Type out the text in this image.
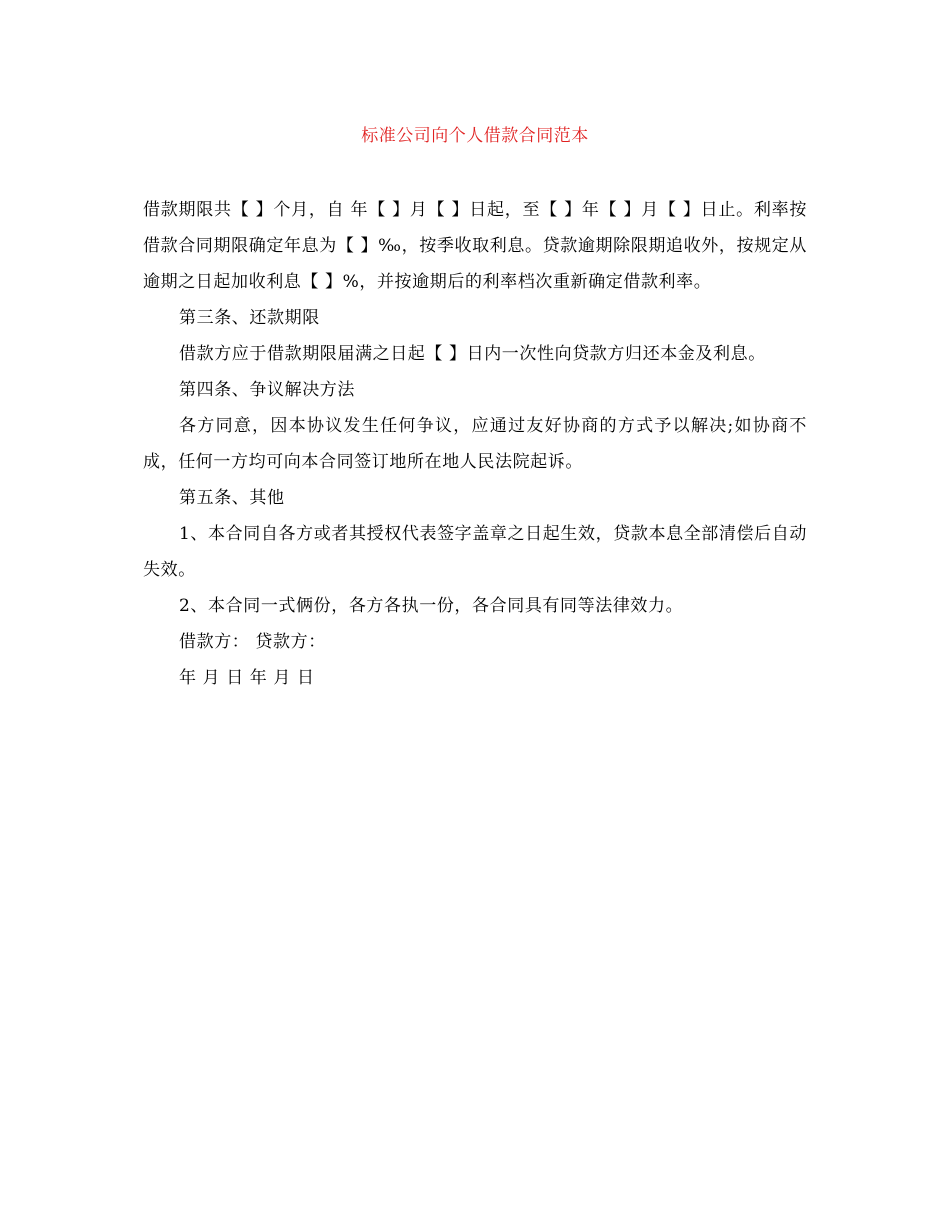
标准公司向个人借款合同范本

借款期限共【 】个月，自 年【 】月【 】日起，至【 】年【 】月【 】日止。利率按借款合同期限确定年息为【 】‰，按季收取利息。贷款逾期除限期追收外，按规定从逾期之日起加收利息【 】%，并按逾期后的利率档次重新确定借款利率。

第三条、还款期限

借款方应于借款期限届满之日起【 】日内一次性向贷款方归还本金及利息。

第四条、争议解决方法

各方同意，因本协议发生任何争议，应通过友好协商的方式予以解决;如协商不成，任何一方均可向本合同签订地所在地人民法院起诉。

第五条、其他

1、本合同自各方或者其授权代表签字盖章之日起生效，贷款本息全部清偿后自动失效。

2、本合同一式俩份，各方各执一份，各合同具有同等法律效力。

借款方： 贷款方：

年 月 日 年 月 日
